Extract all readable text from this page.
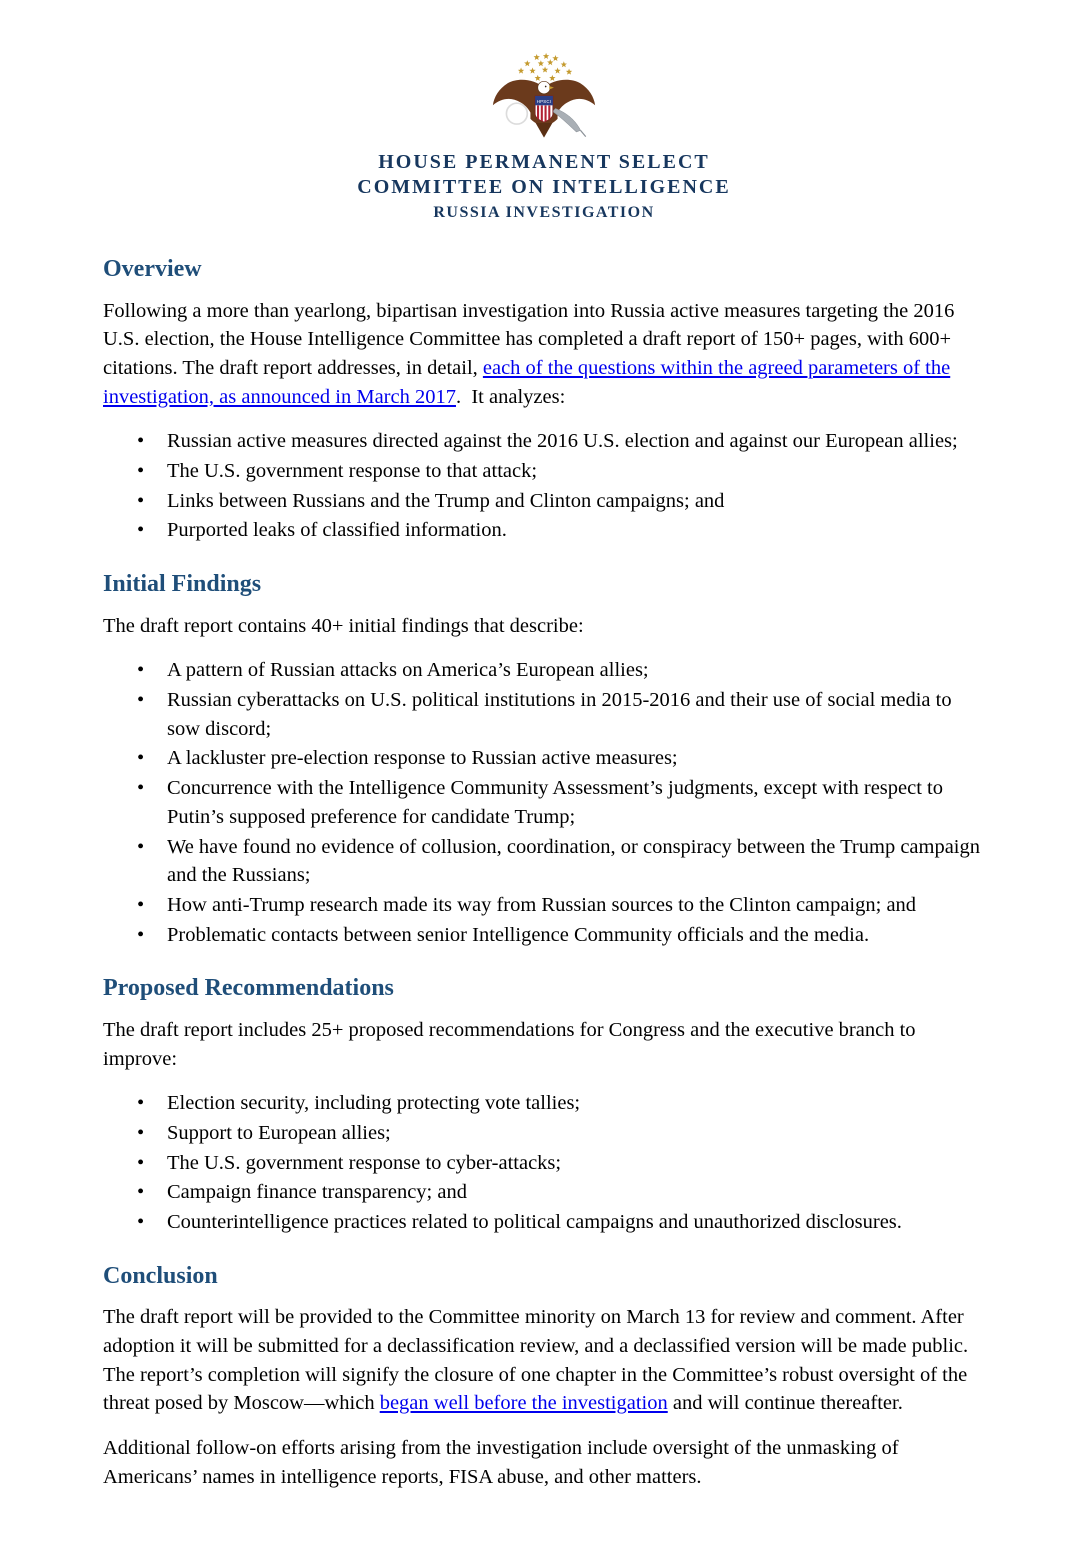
HPSCI
HOUSE PERMANENT SELECT
COMMITTEE ON INTELLIGENCE
RUSSIA INVESTIGATION
Overview

Following a more than yearlong, bipartisan investigation into Russia active measures targeting the 2016 U.S. election, the House Intelligence Committee has completed a draft report of 150+ pages, with 600+ citations. The draft report addresses, in detail, each of the questions within the agreed parameters of the investigation, as announced in March 2017.  It analyzes:

• Russian active measures directed against the 2016 U.S. election and against our European allies;
• The U.S. government response to that attack;
• Links between Russians and the Trump and Clinton campaigns; and
• Purported leaks of classified information.
Initial Findings

The draft report contains 40+ initial findings that describe:

• A pattern of Russian attacks on America’s European allies;
• Russian cyberattacks on U.S. political institutions in 2015-2016 and their use of social media to sow discord;
• A lackluster pre-election response to Russian active measures;
• Concurrence with the Intelligence Community Assessment’s judgments, except with respect to Putin’s supposed preference for candidate Trump;
• We have found no evidence of collusion, coordination, or conspiracy between the Trump campaign and the Russians;
• How anti-Trump research made its way from Russian sources to the Clinton campaign; and
• Problematic contacts between senior Intelligence Community officials and the media.
Proposed Recommendations

The draft report includes 25+ proposed recommendations for Congress and the executive branch to improve:

• Election security, including protecting vote tallies;
• Support to European allies;
• The U.S. government response to cyber-attacks;
• Campaign finance transparency; and
• Counterintelligence practices related to political campaigns and unauthorized disclosures.
Conclusion

The draft report will be provided to the Committee minority on March 13 for review and comment. After adoption it will be submitted for a declassification review, and a declassified version will be made public. The report’s completion will signify the closure of one chapter in the Committee’s robust oversight of the threat posed by Moscow—which began well before the investigation and will continue thereafter.

Additional follow-on efforts arising from the investigation include oversight of the unmasking of Americans’ names in intelligence reports, FISA abuse, and other matters.
